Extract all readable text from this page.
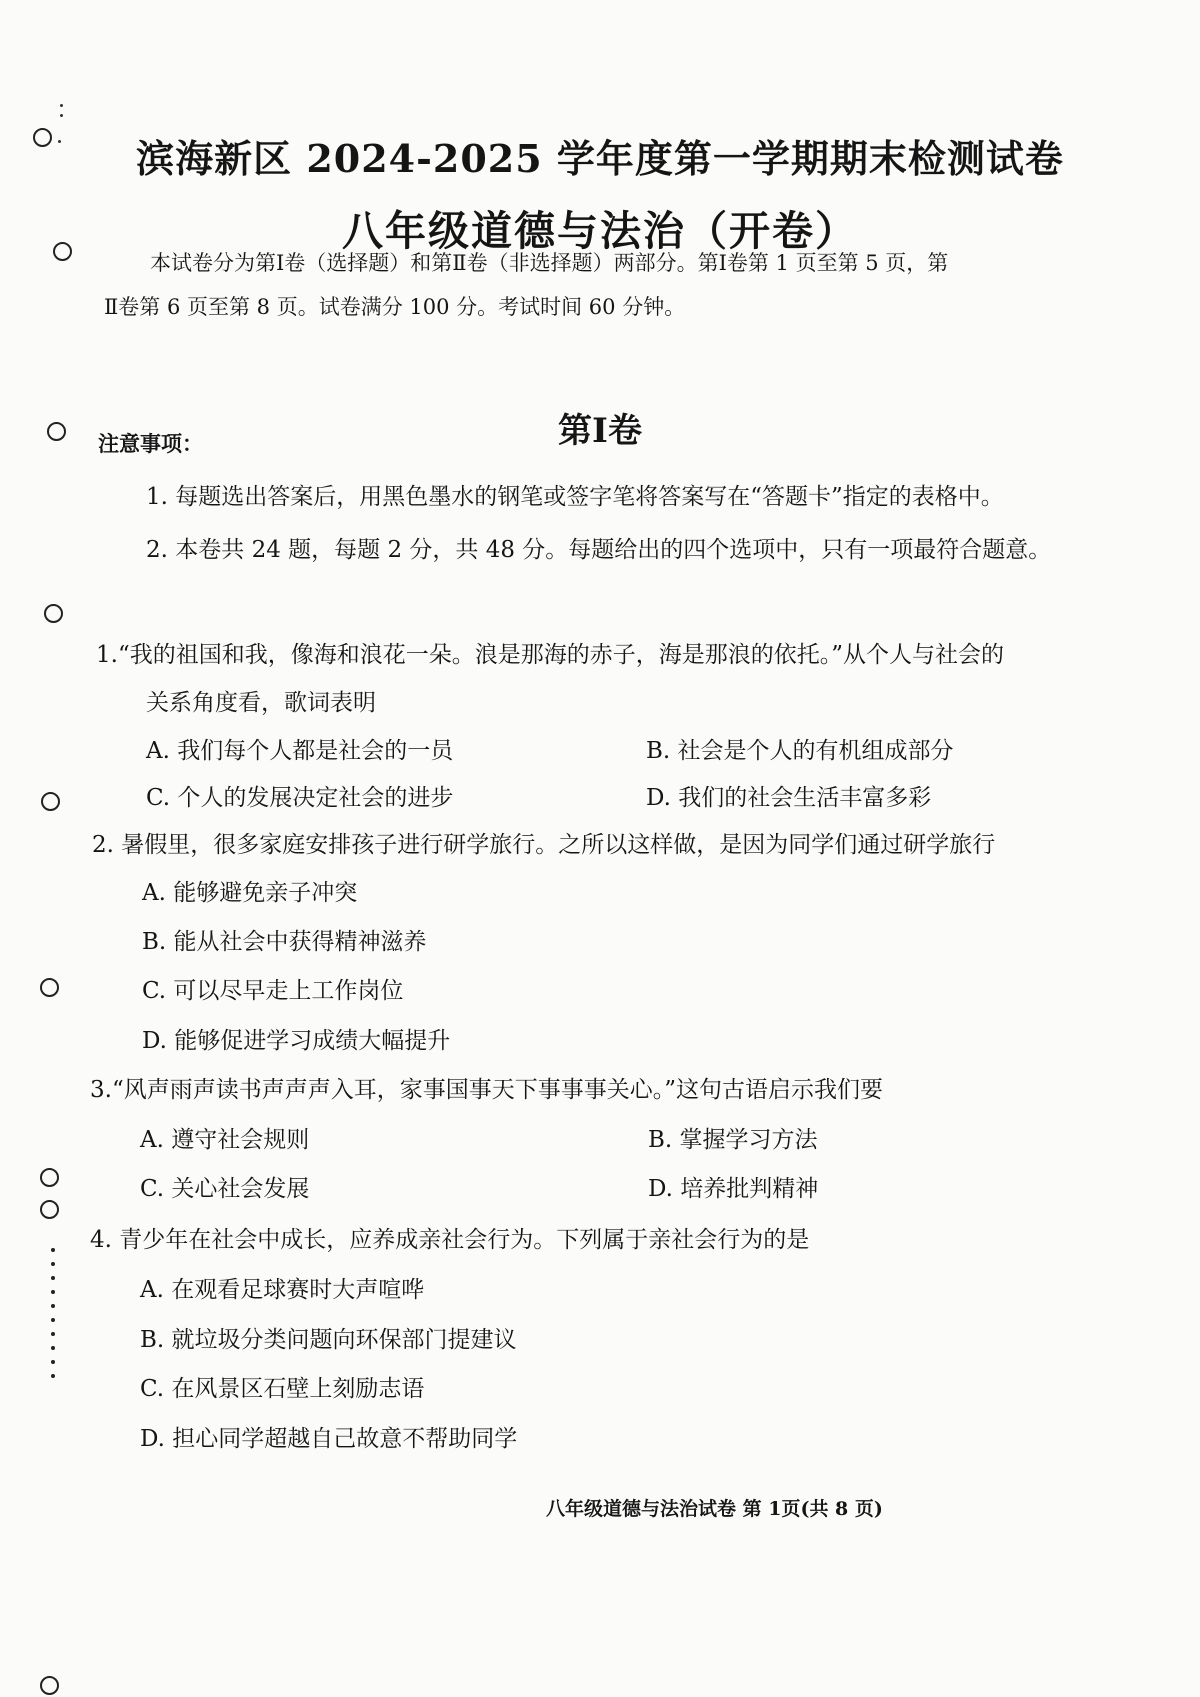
滨海新区 2024-2025 学年度第一学期期末检测试卷
八年级道德与法治（开卷）
本试卷分为第Ⅰ卷（选择题）和第Ⅱ卷（非选择题）两部分。第Ⅰ卷第 1 页至第 5 页，第
Ⅱ卷第 6 页至第 8 页。试卷满分 100 分。考试时间 60 分钟。
第Ⅰ卷
注意事项：
1. 每题选出答案后，用黑色墨水的钢笔或签字笔将答案写在“答题卡”指定的表格中。
2. 本卷共 24 题，每题 2 分，共 48 分。每题给出的四个选项中，只有一项最符合题意。
1.“我的祖国和我，像海和浪花一朵。浪是那海的赤子，海是那浪的依托。”从个人与社会的
关系角度看，歌词表明
A. 我们每个人都是社会的一员	B. 社会是个人的有机组成部分
C. 个人的发展决定社会的进步	D. 我们的社会生活丰富多彩
2. 暑假里，很多家庭安排孩子进行研学旅行。之所以这样做，是因为同学们通过研学旅行
A. 能够避免亲子冲突
B. 能从社会中获得精神滋养
C. 可以尽早走上工作岗位
D. 能够促进学习成绩大幅提升
3.“风声雨声读书声声声入耳，家事国事天下事事事关心。”这句古语启示我们要
A. 遵守社会规则	B. 掌握学习方法
C. 关心社会发展	D. 培养批判精神
4. 青少年在社会中成长，应养成亲社会行为。下列属于亲社会行为的是
A. 在观看足球赛时大声喧哗
B. 就垃圾分类问题向环保部门提建议
C. 在风景区石壁上刻励志语
D. 担心同学超越自己故意不帮助同学
八年级道德与法治试卷 第 1页(共 8 页)
